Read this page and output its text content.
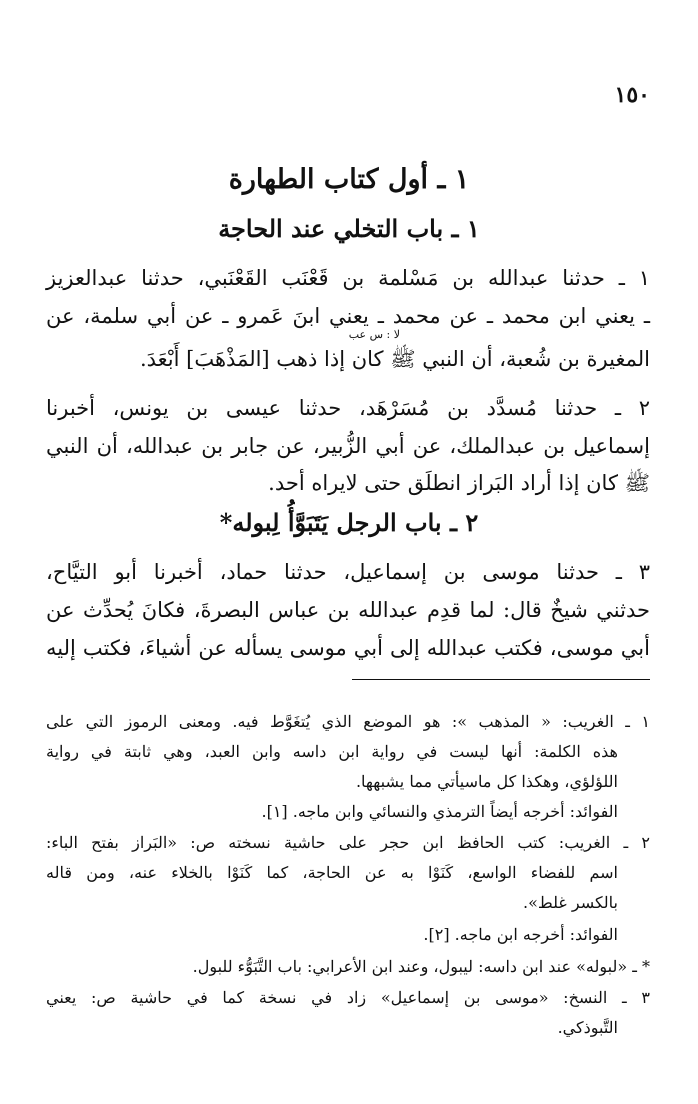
١٥٠
١ ـ أول كتاب الطهارة
١ ـ باب التخلي عند الحاجة
١ ـ حدثنا عبدالله بن مَسْلمة بن قَعْنَب القَعْنَبي، حدثنا عبدالعزيز
ـ يعني ابن محمد ـ عن محمد ـ يعني ابنَ عَمرو ـ عن أبي سلمة، عن
لا : س عب
المغيرة بن شُعبة، أن النبي ﷺ كان إذا ذهب [المَذْهَبَ] أَبْعَدَ.
٢ ـ حدثنا مُسدَّد بن مُسَرْهَد، حدثنا عيسى بن يونس، أخبرنا
إسماعيل بن عبدالملك، عن أبي الزُّبير، عن جابر بن عبدالله، أن النبي
ﷺ كان إذا أراد البَراز انطلَق حتى لايراه أحد.
٢ ـ باب الرجل يَتَبَوَّأُ لِبوله*
٣ ـ حدثنا موسى بن إسماعيل، حدثنا حماد، أخبرنا أبو التيَّاح،
حدثني شيخٌ قال: لما قدِم عبدالله بن عباس البصرةَ، فكانَ يُحدِّث عن
أبي موسى، فكتب عبدالله إلى أبي موسى يسأله عن أشياءَ، فكتب إليه
١ ـ الغريب: « المذهب »: هو الموضع الذي يُتغَوَّط فيه. ومعنى الرموز التي على
هذه الكلمة: أنها ليست في رواية ابن داسه وابن العبد، وهي ثابتة في رواية
اللؤلؤي، وهكذا كل ماسيأتي مما يشبهها.
الفوائد: أخرجه أيضاً الترمذي والنسائي وابن ماجه. [١].
٢ ـ الغريب: كتب الحافظ ابن حجر على حاشية نسخته ص: «البَراز بفتح الباء:
اسم للفضاء الواسع، كَنَوْا به عن الحاجة، كما كَنَوْا بالخلاء عنه، ومن قاله
بالكسر غلط».
الفوائد: أخرجه ابن ماجه. [٢].
* ـ «لبوله» عند ابن داسه: ليبول، وعند ابن الأعرابي: باب التَّبَوُّء للبول.
٣ ـ النسخ: «موسى بن إسماعيل» زاد في نسخة كما في حاشية ص: يعني
التَّبوذكي.
